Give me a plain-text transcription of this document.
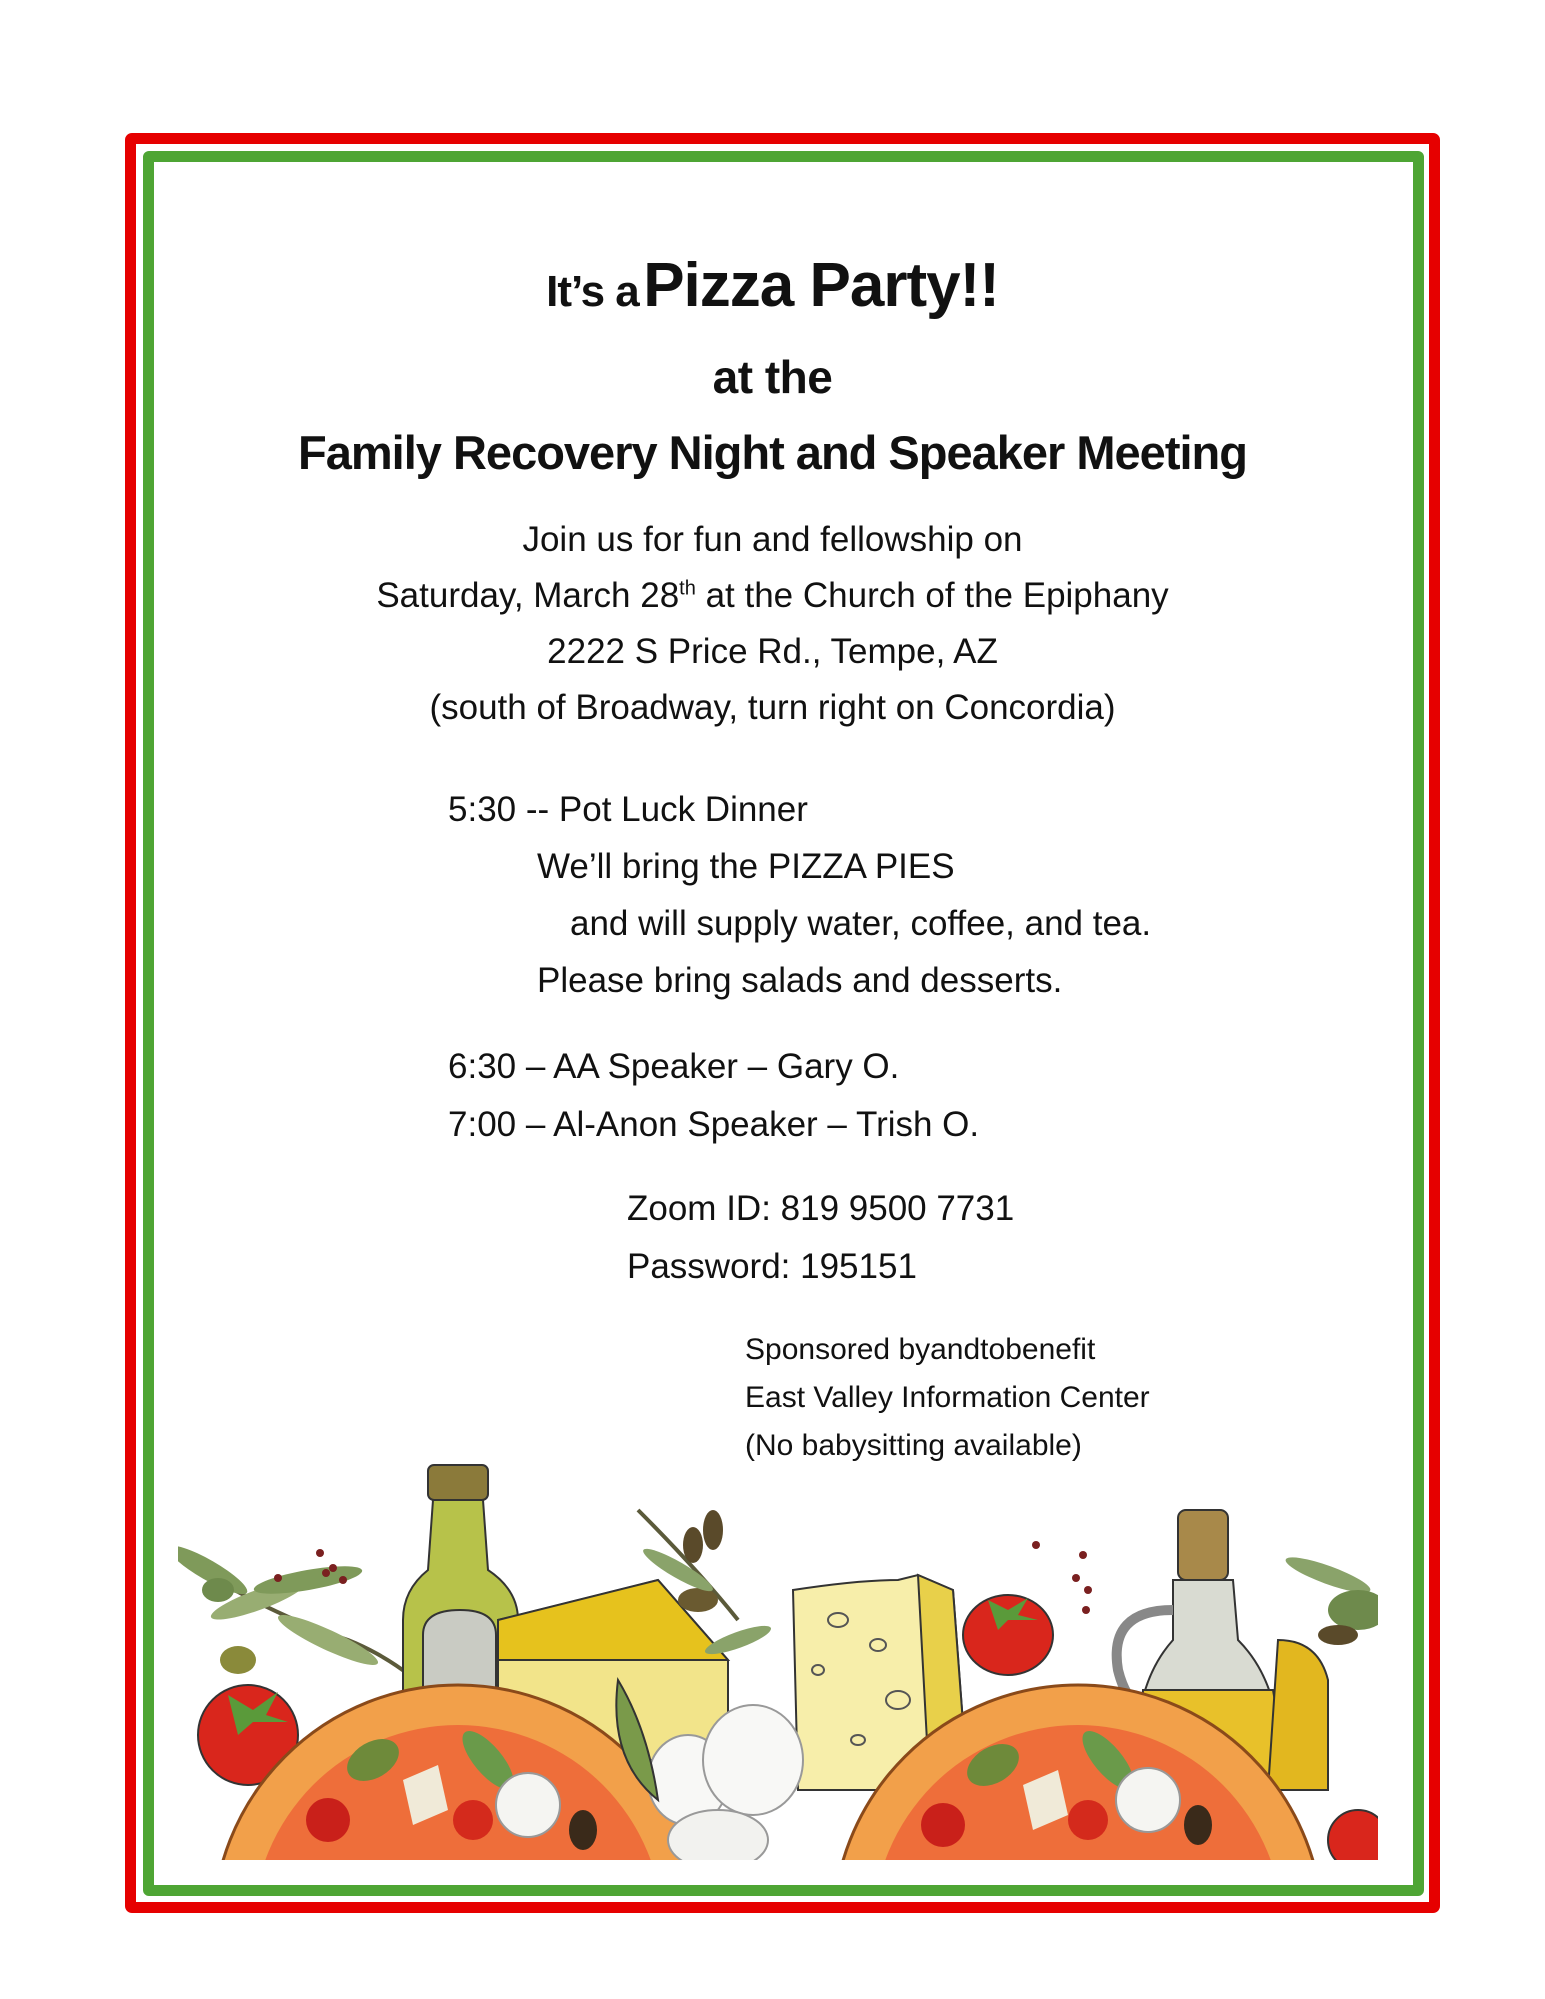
It’s a Pizza Party!!
at the
Family Recovery Night and Speaker Meeting
Join us for fun and fellowship on
Saturday, March 28th at the Church of the Epiphany
2222 S Price Rd., Tempe, AZ
(south of Broadway, turn right on Concordia)
5:30 -- Pot Luck Dinner
We’ll bring the PIZZA PIES
and will supply water, coffee, and tea.
Please bring salads and desserts.
6:30 – AA Speaker – Gary O.
7:00 – Al-Anon Speaker – Trish O.
Zoom ID: 819 9500 7731
Password: 195151
Sponsored byandtobenefit
East Valley Information Center
(No babysitting available)
